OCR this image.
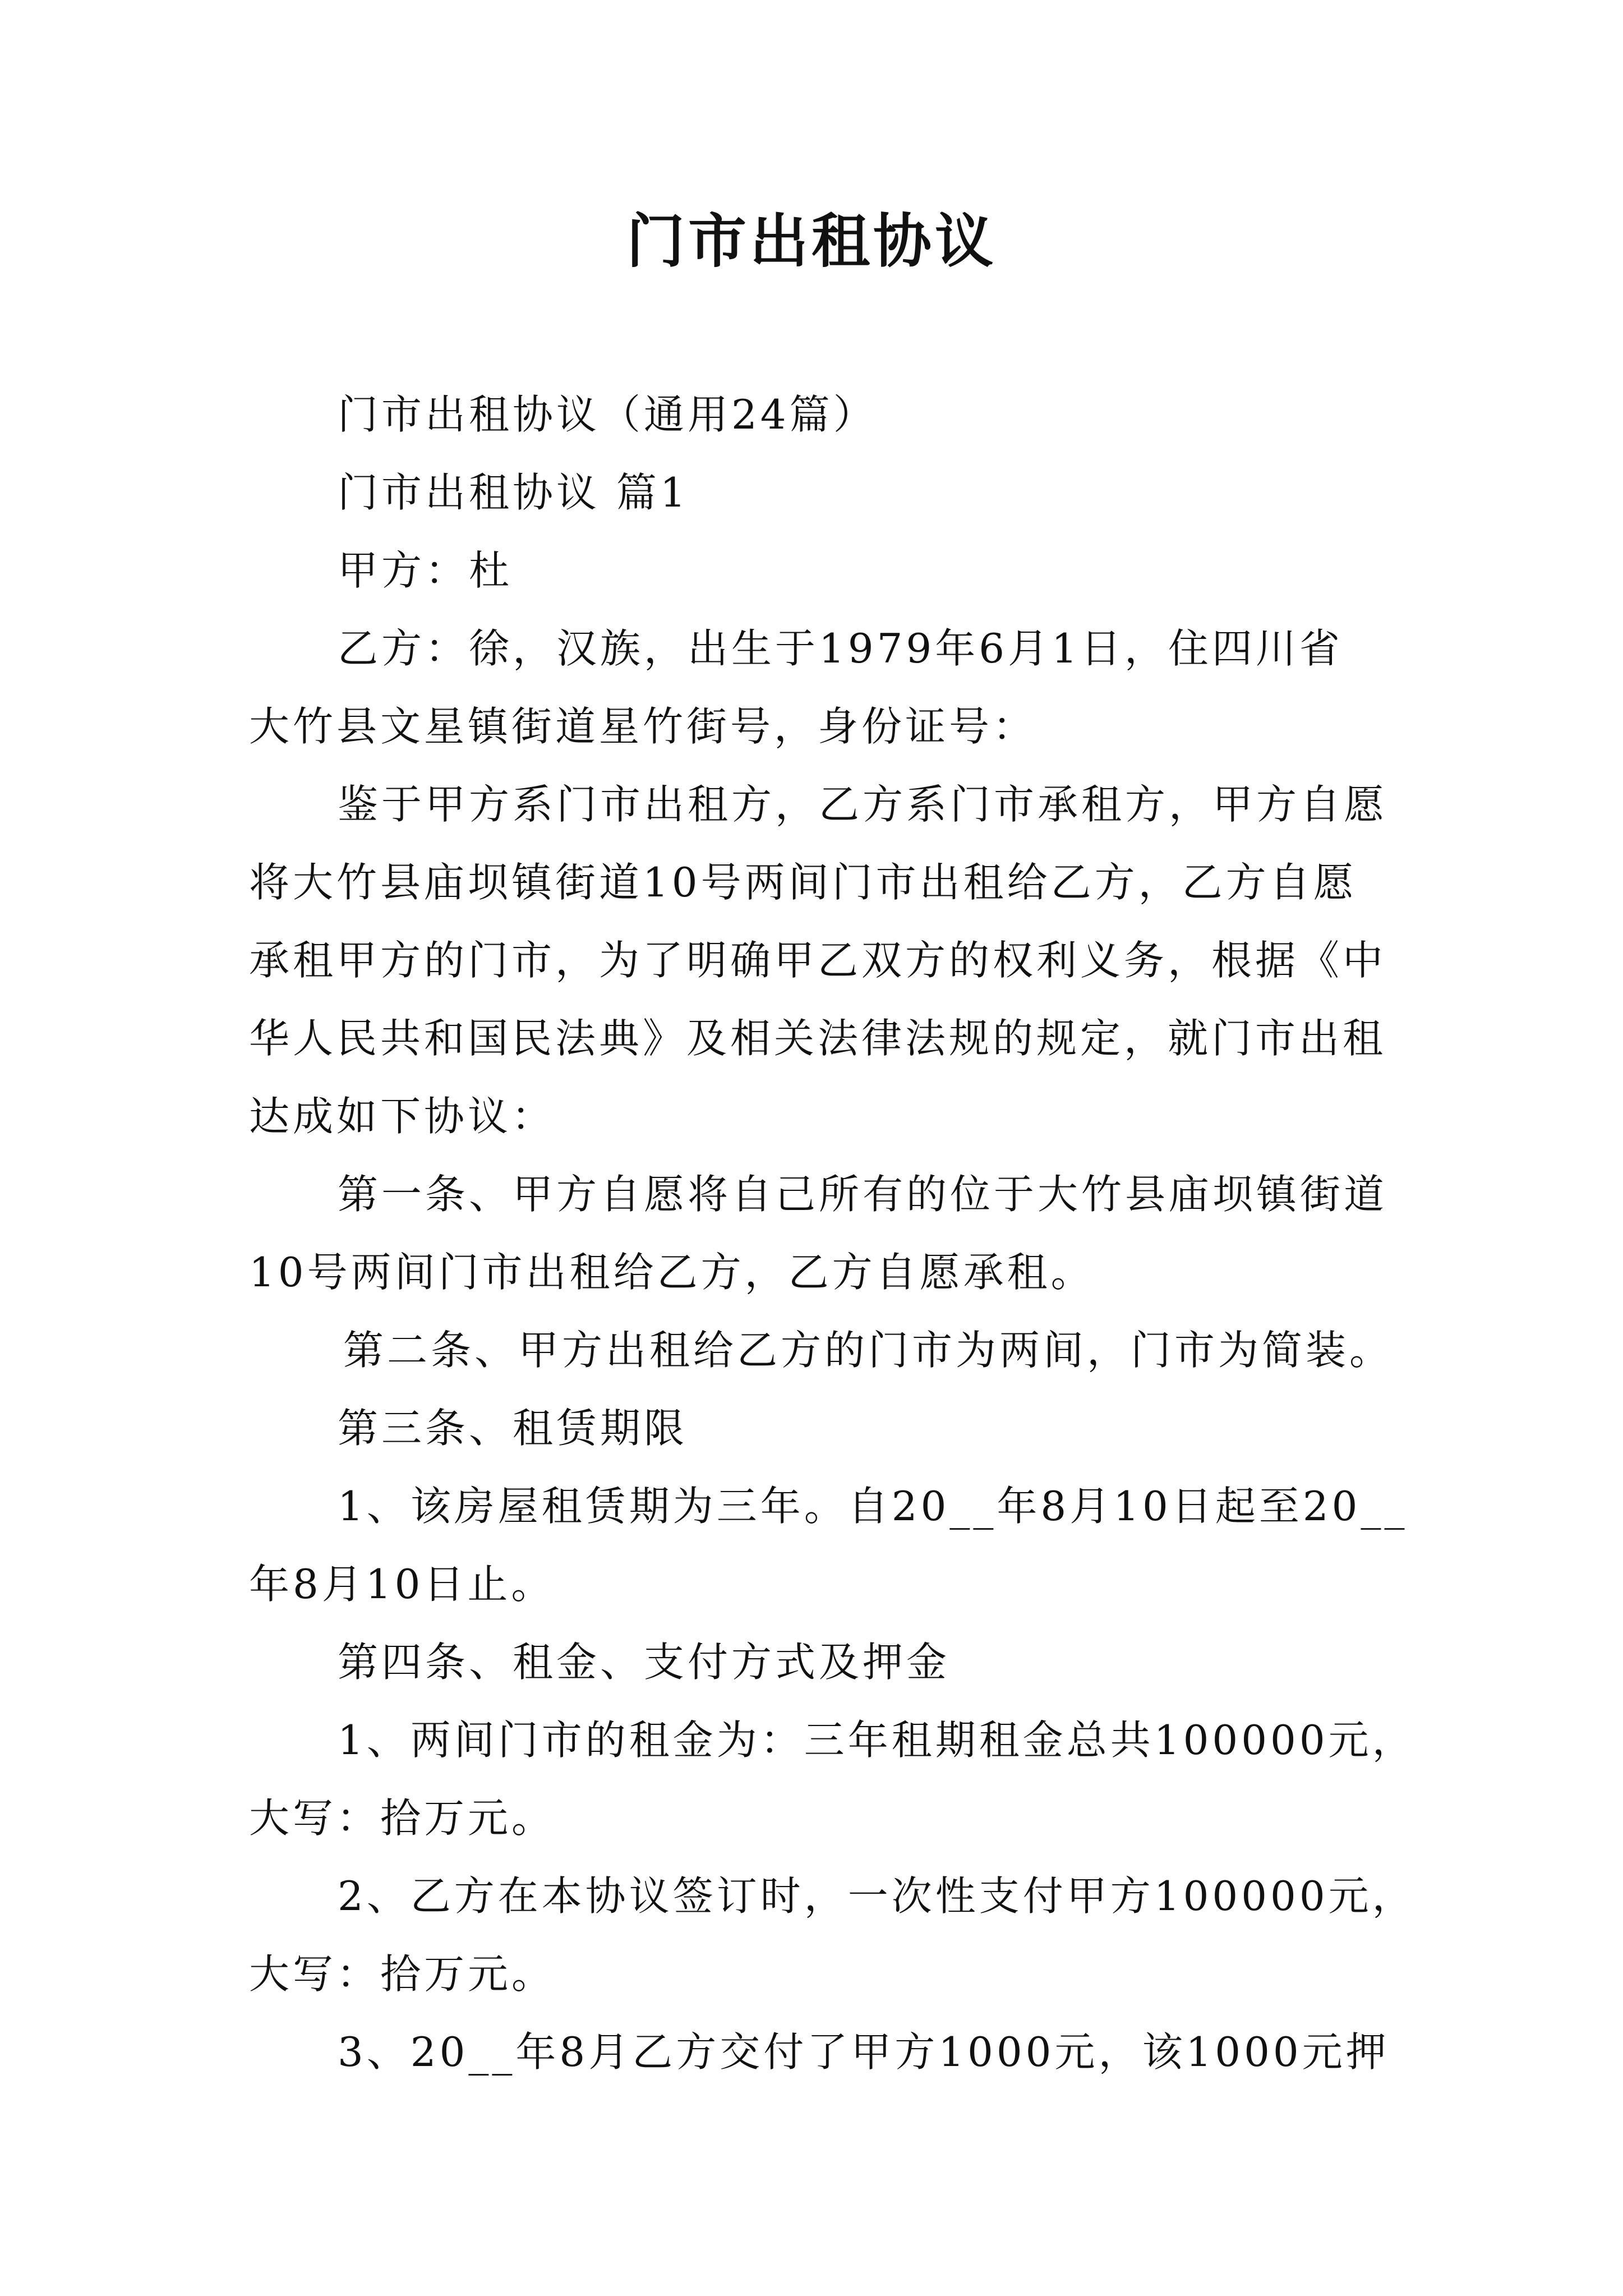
门市出租协议

门市出租协议（通用24篇）

门市出租协议 篇1

甲方：杜

乙方：徐，汉族，出生于1979年6月1日，住四川省

大竹县文星镇街道星竹街号，身份证号：

鉴于甲方系门市出租方，乙方系门市承租方，甲方自愿

将大竹县庙坝镇街道10号两间门市出租给乙方，乙方自愿

承租甲方的门市，为了明确甲乙双方的权利义务，根据《中

华人民共和国民法典》及相关法律法规的规定，就门市出租

达成如下协议：

第一条、甲方自愿将自己所有的位于大竹县庙坝镇街道

10号两间门市出租给乙方，乙方自愿承租。

第二条、甲方出租给乙方的门市为两间，门市为简装。

第三条、租赁期限

1、该房屋租赁期为三年。自20__年8月10日起至20__

年8月10日止。

第四条、租金、支付方式及押金

1、两间门市的租金为：三年租期租金总共100000元，

大写：拾万元。

2、乙方在本协议签订时，一次性支付甲方100000元，

大写：拾万元。

3、20__年8月乙方交付了甲方1000元，该1000元押
